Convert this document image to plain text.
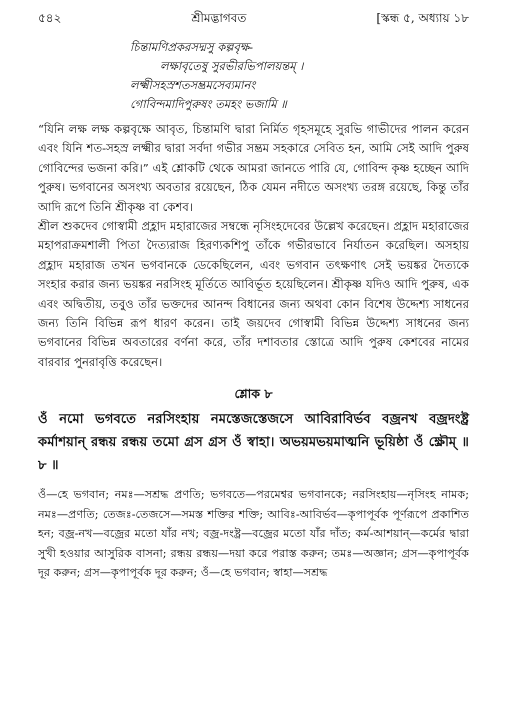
৫৪২	শ্রীমদ্ভাগবত	[স্কন্ধ ৫, অধ্যায় ১৮
চিন্তামণিপ্রকরসদ্মসু কল্পবৃক্ষ-
লক্ষাবৃতেষু সুরভীরভিপালয়ন্তম্ ।
লক্ষ্মীসহস্রশতসম্ভ্রমসেব্যমানং
গোবিন্দমাদিপুরুষং তমহং ভজামি ॥

“যিনি লক্ষ লক্ষ কল্পবৃক্ষে আবৃত, চিন্তামণি দ্বারা নির্মিত গৃহসমূহে সুরভি গাভীদের পালন করেন এবং যিনি শত-সহস্র লক্ষ্মীর দ্বারা সর্বদা গভীর সম্ভ্রম সহকারে সেবিত হন, আমি সেই আদি পুরুষ গোবিন্দের ভজনা করি।” এই শ্লোকটি থেকে আমরা জানতে পারি যে, গোবিন্দ কৃষ্ণ হচ্ছেন আদি পুরুষ। ভগবানের অসংখ্য অবতার রয়েছেন, ঠিক যেমন নদীতে অসংখ্য তরঙ্গ রয়েছে, কিন্তু তাঁর আদি রূপে তিনি শ্রীকৃষ্ণ বা কেশব।

শ্রীল শুকদেব গোস্বামী প্রহ্লাদ মহারাজের সম্বন্ধে নৃসিংহদেবের উল্লেখ করেছেন। প্রহ্লাদ মহারাজের মহাপরাক্রমশালী পিতা দৈত্যরাজ হিরণ্যকশিপু তাঁকে গভীরভাবে নির্যাতন করেছিল। অসহায় প্রহ্লাদ মহারাজ তখন ভগবানকে ডেকেছিলেন, এবং ভগবান তৎক্ষণাৎ সেই ভয়ঙ্কর দৈত্যকে সংহার করার জন্য ভয়ঙ্কর নরসিংহ মূর্তিতে আবির্ভূত হয়েছিলেন। শ্রীকৃষ্ণ যদিও আদি পুরুষ, এক এবং অদ্বিতীয়, তবুও তাঁর ভক্তদের আনন্দ বিধানের জন্য অথবা কোন বিশেষ উদ্দেশ্য সাধনের জন্য তিনি বিভিন্ন রূপ ধারণ করেন। তাই জয়দেব গোস্বামী বিভিন্ন উদ্দেশ্য সাধনের জন্য ভগবানের বিভিন্ন অবতারের বর্ণনা করে, তাঁর দশাবতার স্তোত্রে আদি পুরুষ কেশবের নামের বারবার পুনরাবৃত্তি করেছেন।

শ্লোক ৮
ওঁ নমো ভগবতে নরসিংহায় নমস্তেজস্তেজসে আবিরাবির্ভব বজ্রনখ বজ্রদংষ্ট্র কর্মাশয়ান্ রন্ধয় রন্ধয় তমো গ্রস গ্রস ওঁ স্বাহা। অভয়মভয়মাত্মনি ভূয়িষ্ঠা ওঁ ক্ষ্রৌম্ ॥ ৮ ॥
ওঁ—হে ভগবান; নমঃ—সশ্রদ্ধ প্রণতি; ভগবতে—পরমেশ্বর ভগবানকে; নরসিংহায়—নৃসিংহ নামক; নমঃ—প্রণতি; তেজঃ-তেজসে—সমস্ত শক্তির শক্তি; আবিঃ-আবির্ভব—কৃপাপূর্বক পূর্ণরূপে প্রকাশিত হন; বজ্র-নখ—বজ্রের মতো যাঁর নখ; বজ্র-দংষ্ট্র—বজ্রের মতো যাঁর দাঁত; কর্ম-আশয়ান্—কর্মের দ্বারা সুখী হওয়ার আসুরিক বাসনা; রন্ধয় রন্ধয়—দয়া করে পরাস্ত করুন; তমঃ—অজ্ঞান; গ্রস—কৃপাপূর্বক দূর করুন; গ্রস—কৃপাপূর্বক দূর করুন; ওঁ—হে ভগবান; স্বাহা—সশ্রদ্ধ
